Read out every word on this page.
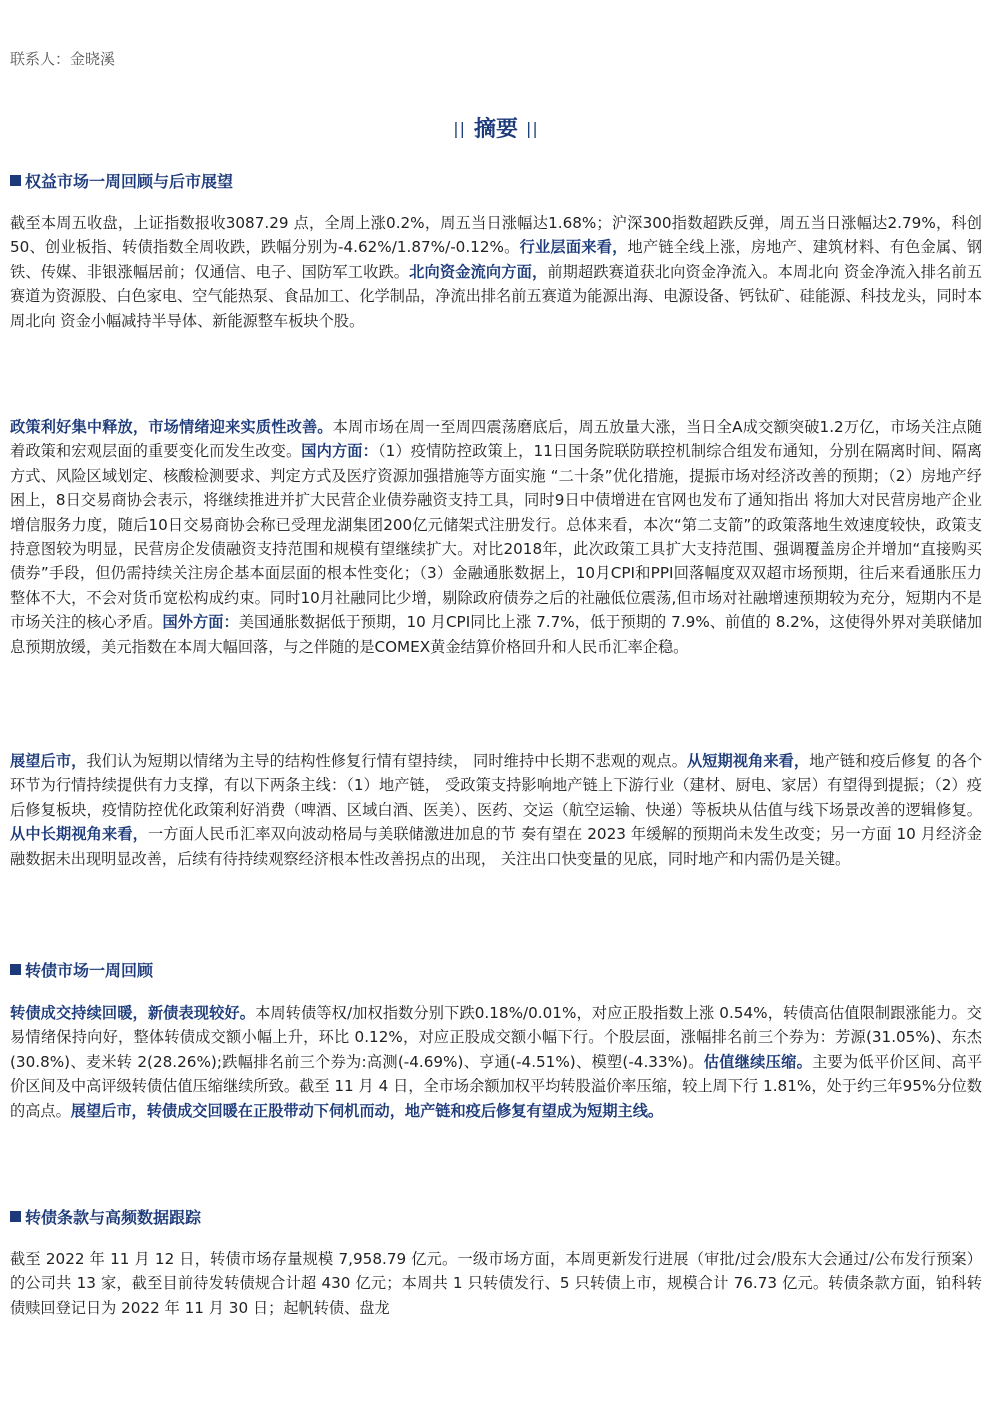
联系人：金晓溪
||摘要||
权益市场一周回顾与后市展望

截至本周五收盘，上证指数报收3087.29 点，全周上涨0.2%，周五当日涨幅达1.68%；沪深300指数超跌反弹，周五当日涨幅达2.79%，科创50、创业板指、转债指数全周收跌，跌幅分别为-4.62%/1.87%/-0.12%。行业层面来看，地产链全线上涨，房地产、建筑材料、有色金属、钢铁、传媒、非银涨幅居前；仅通信、电子、国防军工收跌。北向资金流向方面，前期超跌赛道获北向资金净流入。本周北向 资金净流入排名前五赛道为资源股、白色家电、空气能热泵、食品加工、化学制品，净流出排名前五赛道为能源出海、电源设备、钙钛矿、硅能源、科技龙头，同时本周北向 资金小幅减持半导体、新能源整车板块个股。

政策利好集中释放，市场情绪迎来实质性改善。本周市场在周一至周四震荡磨底后，周五放量大涨，当日全A成交额突破1.2万亿，市场关注点随着政策和宏观层面的重要变化而发生改变。国内方面：（1）疫情防控政策上，11日国务院联防联控机制综合组发布通知，分别在隔离时间、隔离方式、风险区域划定、核酸检测要求、判定方式及医疗资源加强措施等方面实施 “二十条”优化措施，提振市场对经济改善的预期；（2）房地产纾困上，8日交易商协会表示，将继续推进并扩大民营企业债券融资支持工具，同时9日中债增进在官网也发布了通知指出 将加大对民营房地产企业增信服务力度，随后10日交易商协会称已受理龙湖集团200亿元储架式注册发行。总体来看，本次“第二支箭”的政策落地生效速度较快，政策支持意图较为明显，民营房企发债融资支持范围和规模有望继续扩大。对比2018年，此次政策工具扩大支持范围、强调覆盖房企并增加“直接购买债券”手段，但仍需持续关注房企基本面层面的根本性变化；（3）金融通胀数据上，10月CPI和PPI回落幅度双双超市场预期，往后来看通胀压力整体不大，不会对货币宽松构成约束。同时10月社融同比少增，剔除政府债券之后的社融低位震荡,但市场对社融增速预期较为充分，短期内不是市场关注的核心矛盾。国外方面：美国通胀数据低于预期，10 月CPI同比上涨 7.7%，低于预期的 7.9%、前值的 8.2%，这使得外界对美联储加息预期放缓，美元指数在本周大幅回落，与之伴随的是COMEX黄金结算价格回升和人民币汇率企稳。

展望后市，我们认为短期以情绪为主导的结构性修复行情有望持续， 同时维持中长期不悲观的观点。从短期视角来看，地产链和疫后修复 的各个环节为行情持续提供有力支撑，有以下两条主线：（1）地产链， 受政策支持影响地产链上下游行业（建材、厨电、家居）有望得到提振；（2）疫后修复板块，疫情防控优化政策利好消费（啤酒、区域白酒、医美）、医药、交运（航空运输、快递）等板块从估值与线下场景改善的逻辑修复。从中长期视角来看，一方面人民币汇率双向波动格局与美联储激进加息的节 奏有望在 2023 年缓解的预期尚未发生改变；另一方面 10 月经济金融数据未出现明显改善，后续有待持续观察经济根本性改善拐点的出现， 关注出口快变量的见底，同时地产和内需仍是关键。

转债市场一周回顾

转债成交持续回暖，新债表现较好。本周转债等权/加权指数分别下跌0.18%/0.01%，对应正股指数上涨 0.54%，转债高估值限制跟涨能力。交易情绪保持向好，整体转债成交额小幅上升，环比 0.12%，对应正股成交额小幅下行。个股层面，涨幅排名前三个券为：芳源(31.05%)、东杰(30.8%)、麦米转 2(28.26%);跌幅排名前三个券为:高测(-4.69%)、亨通(-4.51%)、模塑(-4.33%)。估值继续压缩。主要为低平价区间、高平价区间及中高评级转债估值压缩继续所致。截至 11 月 4 日，全市场余额加权平均转股溢价率压缩，较上周下行 1.81%，处于约三年95%分位数的高点。展望后市，转债成交回暖在正股带动下伺机而动，地产链和疫后修复有望成为短期主线。

转债条款与高频数据跟踪

截至 2022 年 11 月 12 日，转债市场存量规模 7,958.79 亿元。一级市场方面，本周更新发行进展（审批/过会/股东大会通过/公布发行预案）的公司共 13 家，截至目前待发转债规合计超 430 亿元；本周共 1 只转债发行、5 只转债上市，规模合计 76.73 亿元。转债条款方面，铂科转债赎回登记日为 2022 年 11 月 30 日；起帆转债、盘龙
